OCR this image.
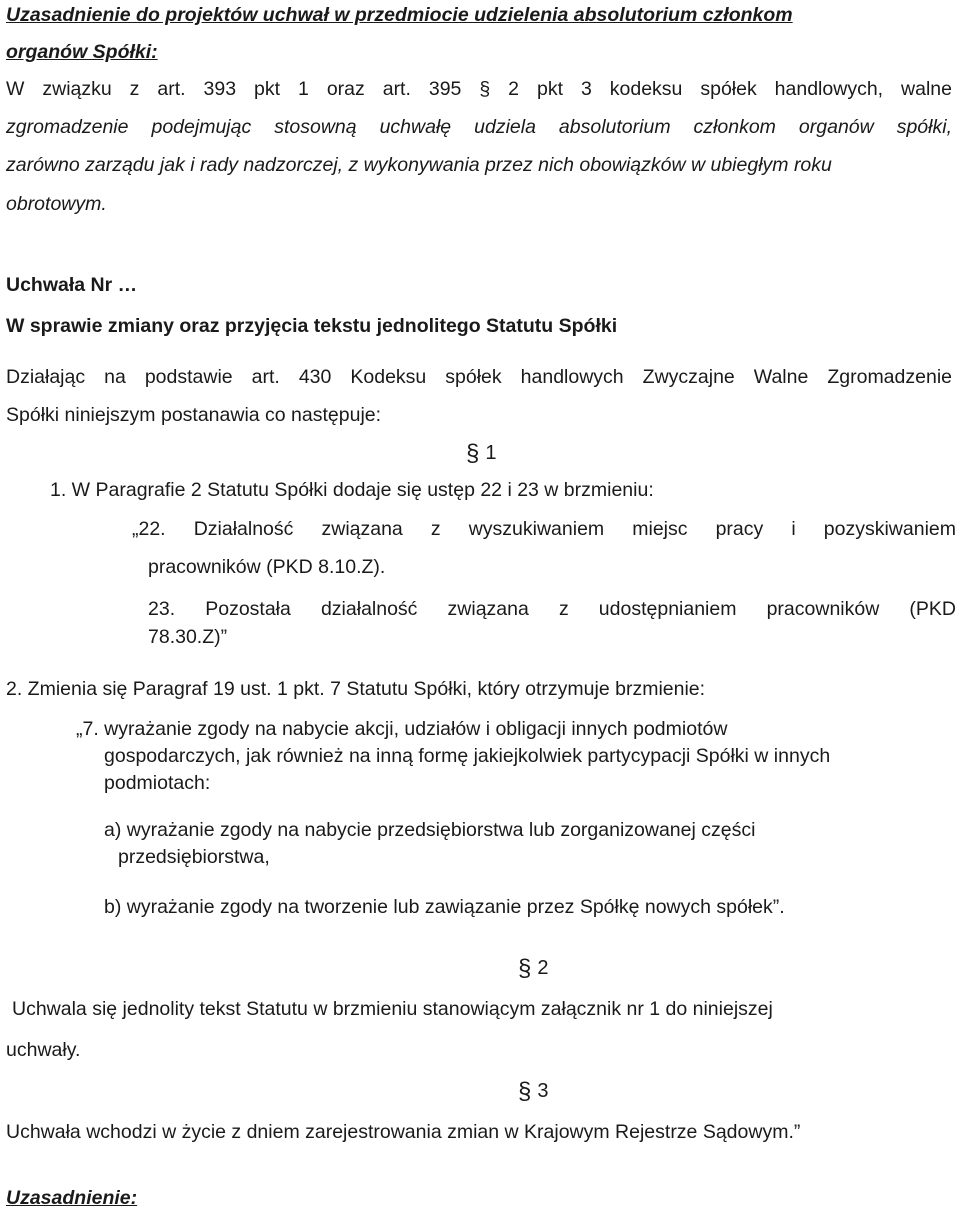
Uzasadnienie do projektów uchwał w przedmiocie udzielenia absolutorium członkom
organów Spółki:
W związku z art. 393 pkt 1 oraz art. 395 § 2 pkt 3 kodeksu spółek handlowych, walne
zgromadzenie podejmując stosowną uchwałę udziela absolutorium członkom organów spółki,
zarówno zarządu jak i rady nadzorczej, z wykonywania przez nich obowiązków w ubiegłym roku
obrotowym.
Uchwała Nr …
W sprawie zmiany oraz przyjęcia tekstu jednolitego Statutu Spółki
Działając na podstawie art. 430 Kodeksu spółek handlowych Zwyczajne Walne Zgromadzenie
Spółki niniejszym postanawia co następuje:
§ 1
1. W Paragrafie 2 Statutu Spółki dodaje się ustęp 22 i 23 w brzmieniu:
„22. Działalność związana z wyszukiwaniem miejsc pracy i pozyskiwaniem
pracowników (PKD 8.10.Z).
23. Pozostała działalność związana z udostępnianiem pracowników (PKD
78.30.Z)”
2. Zmienia się Paragraf 19 ust. 1 pkt. 7 Statutu Spółki, który otrzymuje brzmienie:
„7. wyrażanie zgody na nabycie akcji, udziałów i obligacji innych podmiotów
gospodarczych, jak również na inną formę jakiejkolwiek partycypacji Spółki w innych
podmiotach:
a) wyrażanie zgody na nabycie przedsiębiorstwa lub zorganizowanej części
przedsiębiorstwa,
b) wyrażanie zgody na tworzenie lub zawiązanie przez Spółkę nowych spółek”.
§ 2
Uchwala się jednolity tekst Statutu w brzmieniu stanowiącym załącznik nr 1 do niniejszej
uchwały.
§ 3
Uchwała wchodzi w życie z dniem zarejestrowania zmian w Krajowym Rejestrze Sądowym.”
Uzasadnienie:
